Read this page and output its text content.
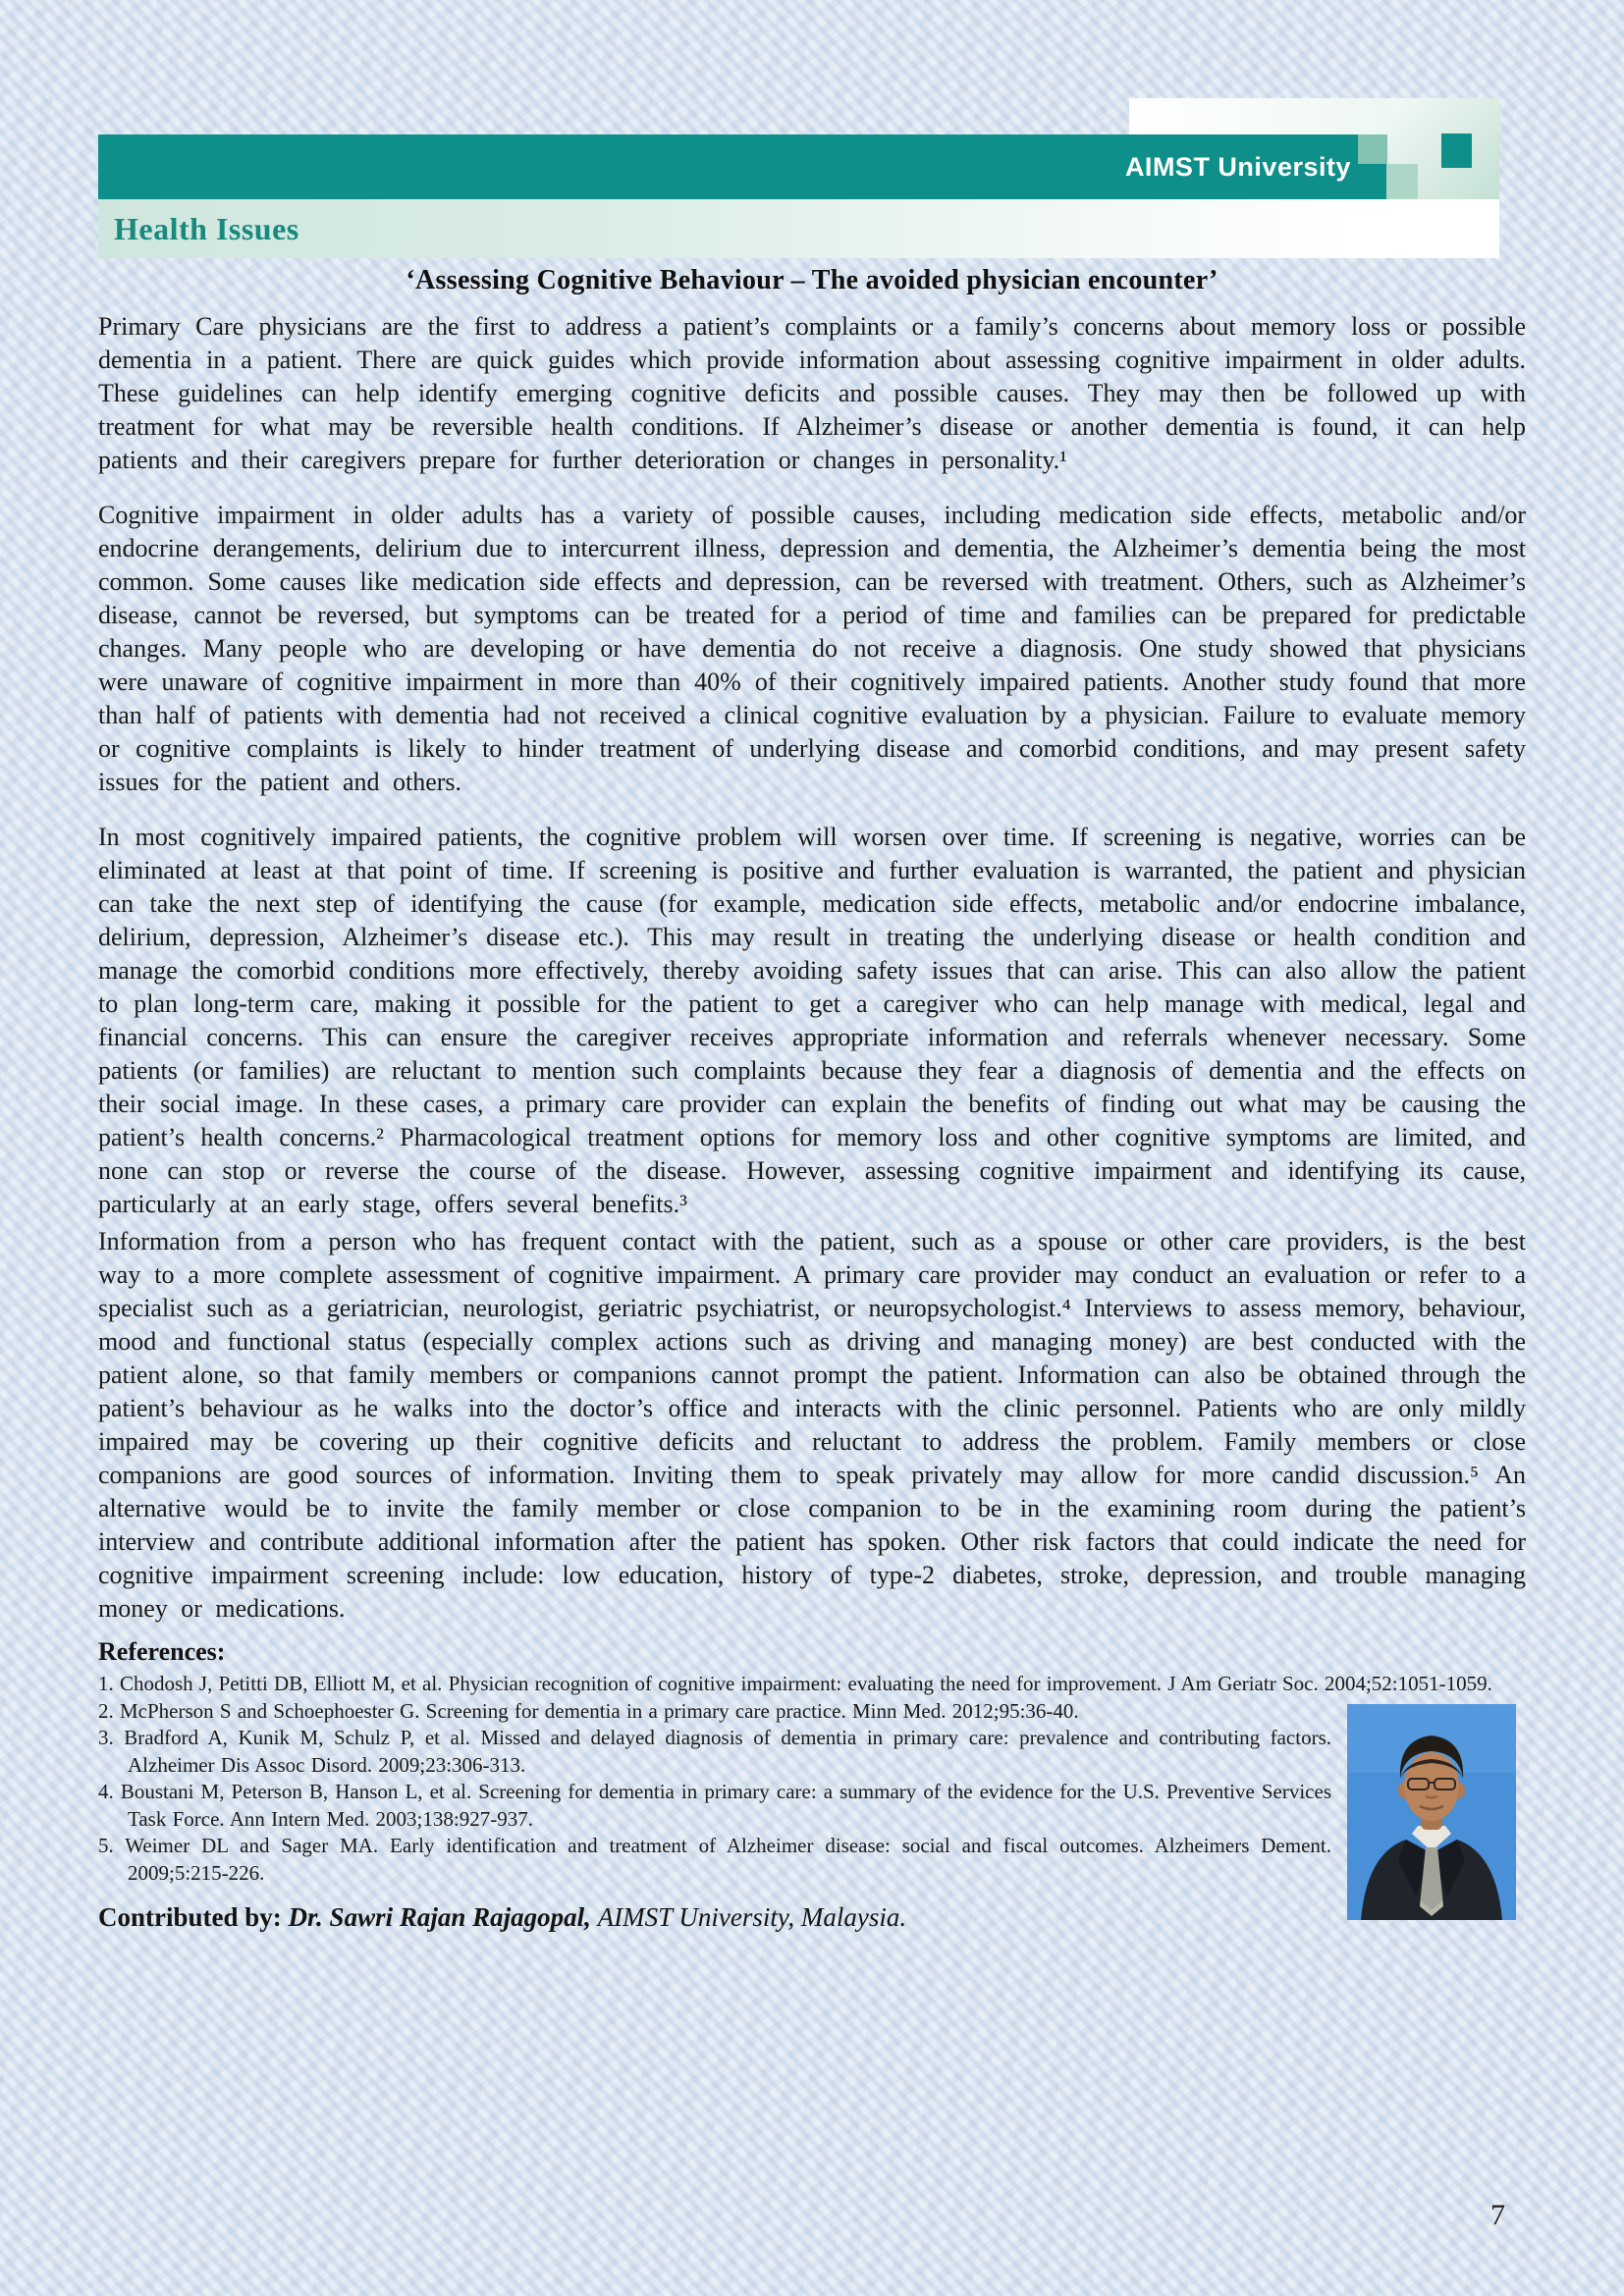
AIMST University
Health Issues
‘Assessing Cognitive Behaviour – The avoided physician encounter’

Primary Care physicians are the first to address a patient’s complaints or a family’s concerns about memory loss or possible dementia in a patient. There are quick guides which provide information about assessing cognitive impairment in older adults. These guidelines can help identify emerging cognitive deficits and possible causes. They may then be followed up with treatment for what may be reversible health conditions. If Alzheimer’s disease or another dementia is found, it can help patients and their caregivers prepare for further deterioration or changes in personality.¹

Cognitive impairment in older adults has a variety of possible causes, including medication side effects, metabolic and/or endocrine derangements, delirium due to intercurrent illness, depression and dementia, the Alzheimer’s dementia being the most common. Some causes like medication side effects and depression, can be reversed with treatment. Others, such as Alzheimer’s disease, cannot be reversed, but symptoms can be treated for a period of time and families can be prepared for predictable changes. Many people who are developing or have dementia do not receive a diagnosis. One study showed that physicians were unaware of cognitive impairment in more than 40% of their cognitively impaired patients. Another study found that more than half of patients with dementia had not received a clinical cognitive evaluation by a physician. Failure to evaluate memory or cognitive complaints is likely to hinder treatment of underlying disease and comorbid conditions, and may present safety issues for the patient and others.

In most cognitively impaired patients, the cognitive problem will worsen over time. If screening is negative, worries can be eliminated at least at that point of time. If screening is positive and further evaluation is warranted, the patient and physician can take the next step of identifying the cause (for example, medication side effects, metabolic and/or endocrine imbalance, delirium, depression, Alzheimer’s disease etc.). This may result in treating the underlying disease or health condition and manage the comorbid conditions more effectively, thereby avoiding safety issues that can arise. This can also allow the patient to plan long-term care, making it possible for the patient to get a caregiver who can help manage with medical, legal and financial concerns. This can ensure the caregiver receives appropriate information and referrals whenever necessary. Some patients (or families) are reluctant to mention such complaints because they fear a diagnosis of dementia and the effects on their social image. In these cases, a primary care provider can explain the benefits of finding out what may be causing the patient’s health concerns.² Pharmacological treatment options for memory loss and other cognitive symptoms are limited, and none can stop or reverse the course of the disease. However, assessing cognitive impairment and identifying its cause, particularly at an early stage, offers several benefits.³

Information from a person who has frequent contact with the patient, such as a spouse or other care providers, is the best way to a more complete assessment of cognitive impairment. A primary care provider may conduct an evaluation or refer to a specialist such as a geriatrician, neurologist, geriatric psychiatrist, or neuropsychologist.⁴ Interviews to assess memory, behaviour, mood and functional status (especially complex actions such as driving and managing money) are best conducted with the patient alone, so that family members or companions cannot prompt the patient. Information can also be obtained through the patient’s behaviour as he walks into the doctor’s office and interacts with the clinic personnel. Patients who are only mildly impaired may be covering up their cognitive deficits and reluctant to address the problem. Family members or close companions are good sources of information. Inviting them to speak privately may allow for more candid discussion.⁵ An alternative would be to invite the family member or close companion to be in the examining room during the patient’s interview and contribute additional information after the patient has spoken. Other risk factors that could indicate the need for cognitive impairment screening include: low education, history of type-2 diabetes, stroke, depression, and trouble managing money or medications.

References:
1. Chodosh J, Petitti DB, Elliott M, et al. Physician recognition of cognitive impairment: evaluating the need for improvement. J Am Geriatr Soc. 2004;52:1051-1059.
2. McPherson S and Schoephoester G. Screening for dementia in a primary care practice. Minn Med. 2012;95:36-40.
3. Bradford A, Kunik M, Schulz P, et al. Missed and delayed diagnosis of dementia in primary care: prevalence and contributing factors. Alzheimer Dis Assoc Disord. 2009;23:306-313.
4. Boustani M, Peterson B, Hanson L, et al. Screening for dementia in primary care: a summary of the evidence for the U.S. Preventive Services Task Force. Ann Intern Med. 2003;138:927-937.
5. Weimer DL and Sager MA. Early identification and treatment of Alzheimer disease: social and fiscal outcomes. Alzheimers Dement. 2009;5:215-226.
Contributed by: Dr. Sawri Rajan Rajagopal, AIMST University, Malaysia.
7
